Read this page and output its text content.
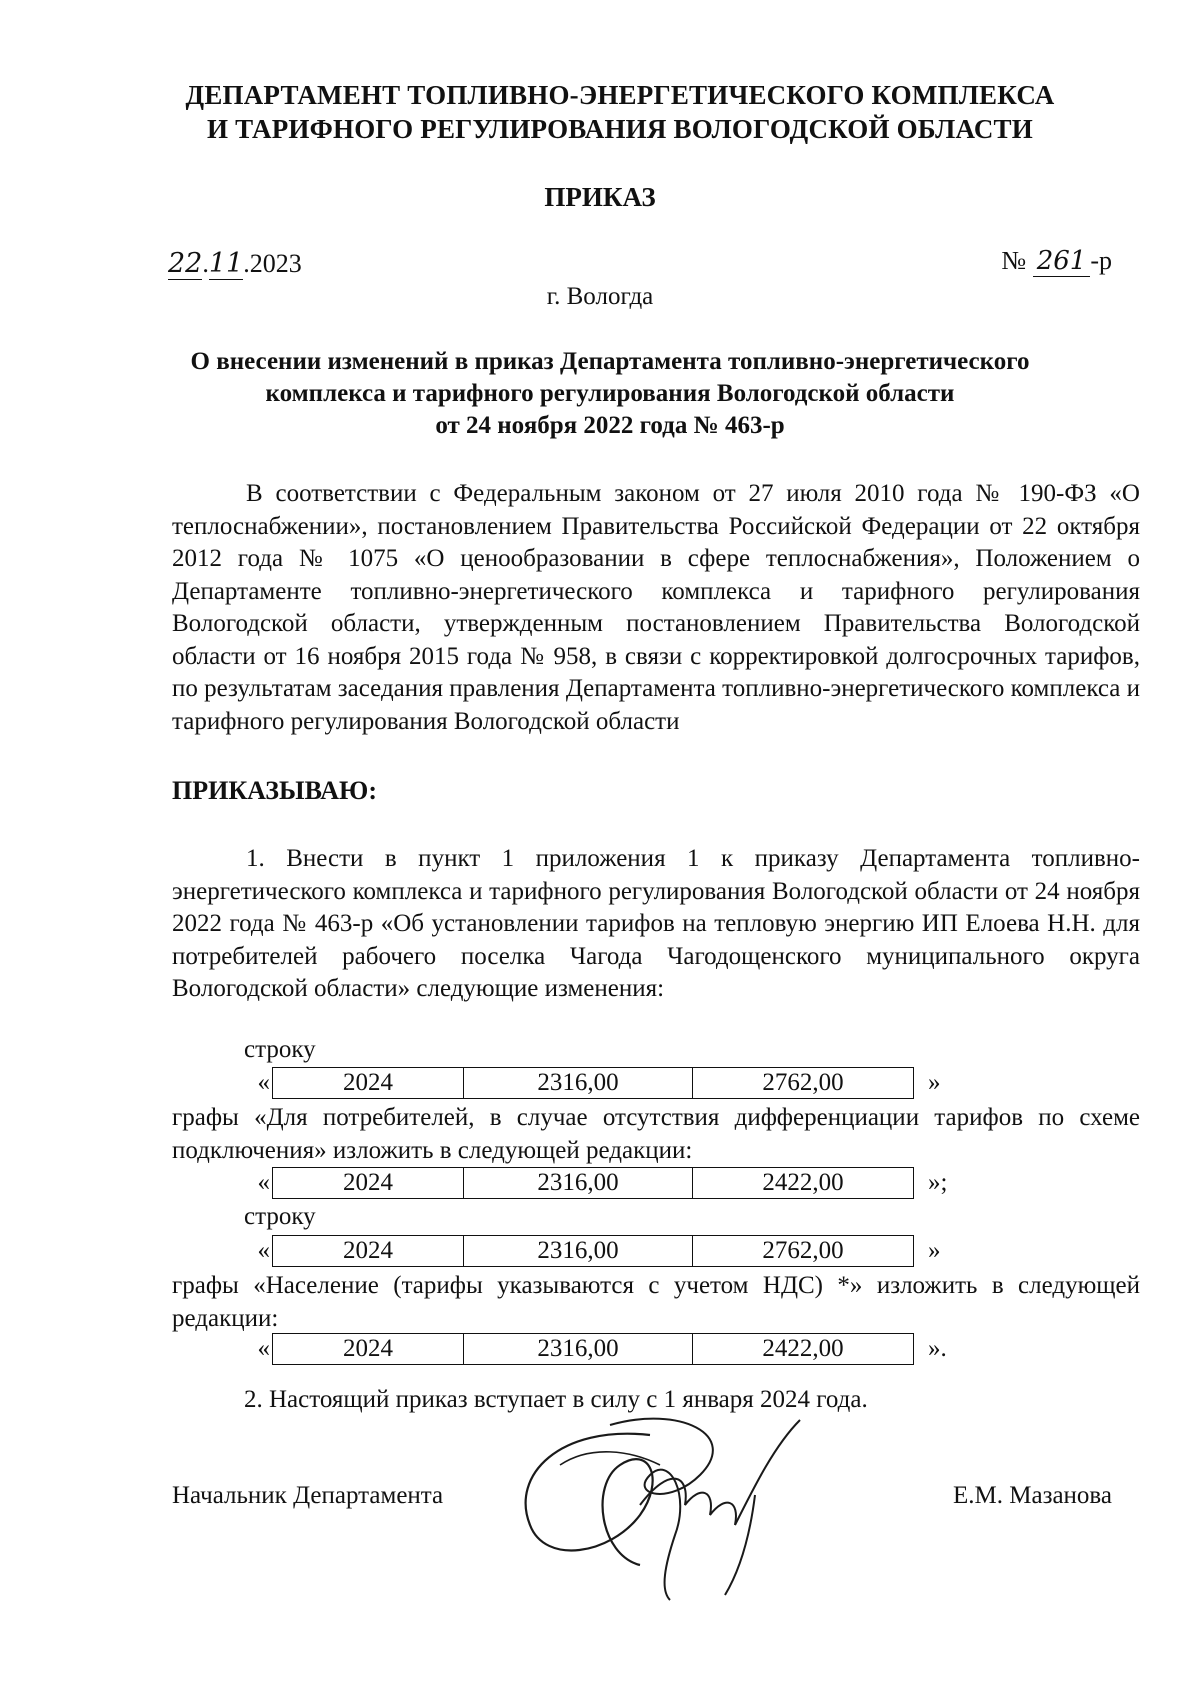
ДЕПАРТАМЕНТ ТОПЛИВНО-ЭНЕРГЕТИЧЕСКОГО КОМПЛЕКСА
И ТАРИФНОГО РЕГУЛИРОВАНИЯ ВОЛОГОДСКОЙ ОБЛАСТИ
ПРИКАЗ
22.11.2023	№ 261 -р
г. Вологда
О внесении изменений в приказ Департамента топливно-энергетического
комплекса и тарифного регулирования Вологодской области
от 24 ноября 2022 года № 463-р
В соответствии с Федеральным законом от 27 июля 2010 года № 190-ФЗ «О теплоснабжении», постановлением Правительства Российской Федерации от 22 октября 2012 года № 1075 «О ценообразовании в сфере теплоснабжения», Положением о Департаменте топливно-энергетического комплекса и тарифного регулирования Вологодской области, утвержденным постановлением Правительства Вологодской области от 16 ноября 2015 года № 958, в связи с корректировкой долгосрочных тарифов, по результатам заседания правления Департамента топливно-энергетического комплекса и тарифного регулирования Вологодской области
ПРИКАЗЫВАЮ:
1. Внести в пункт 1 приложения 1 к приказу Департамента топливно-энергетического комплекса и тарифного регулирования Вологодской области от 24 ноября 2022 года № 463-р «Об установлении тарифов на тепловую энергию ИП Елоева Н.Н. для потребителей рабочего поселка Чагода Чагодощенского муниципального округа Вологодской области» следующие изменения:
строку
«	2024	2316,00	2762,00	»
графы «Для потребителей, в случае отсутствия дифференциации тарифов по схеме подключения» изложить в следующей редакции:
«	2024	2316,00	2422,00	»;
строку
«	2024	2316,00	2762,00	»
графы «Население (тарифы указываются с учетом НДС) *» изложить в следующей редакции:
«	2024	2316,00	2422,00	».
2. Настоящий приказ вступает в силу с 1 января 2024 года.
Начальник Департамента	Е.М. Мазанова
